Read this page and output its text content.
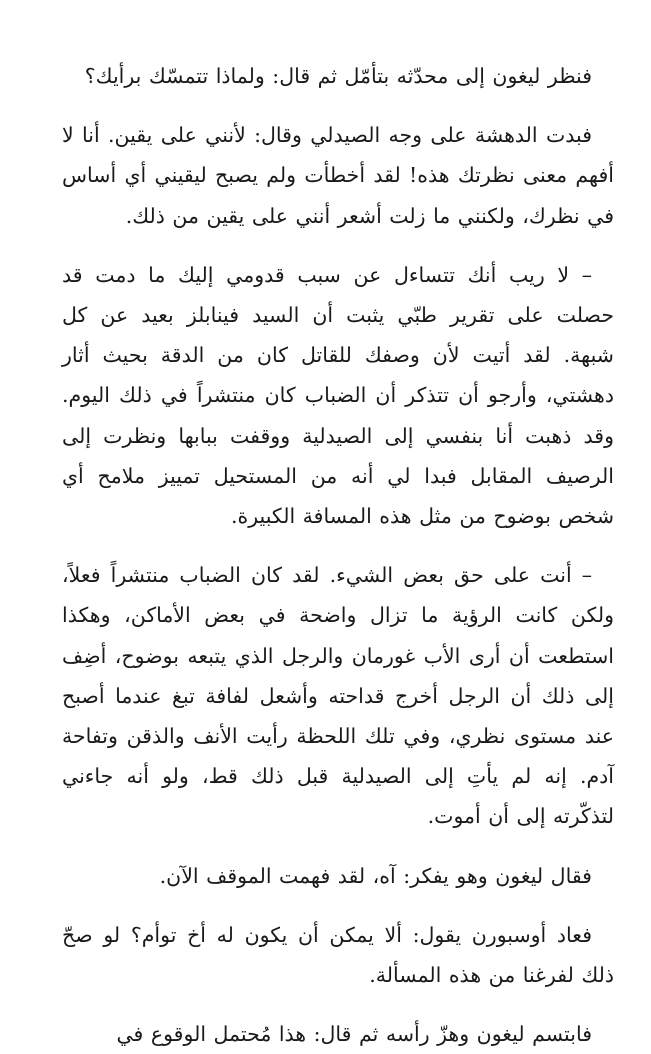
فنظر ليغون إلى محدّثه بتأمّل ثم قال: ولماذا تتمسّك برأيك؟

فبدت الدهشة على وجه الصيدلي وقال: لأنني على يقين. أنا لا أفهم معنى نظرتك هذه! لقد أخطأت ولم يصبح ليقيني أي أساس في نظرك، ولكنني ما زلت أشعر أنني على يقين من ذلك.

– لا ريب أنك تتساءل عن سبب قدومي إليك ما دمت قد حصلت على تقرير طبّي يثبت أن السيد فينابلز بعيد عن كل شبهة. لقد أتيت لأن وصفك للقاتل كان من الدقة بحيث أثار دهشتي، وأرجو أن تتذكر أن الضباب كان منتشراً في ذلك اليوم. وقد ذهبت أنا بنفسي إلى الصيدلية ووقفت ببابها ونظرت إلى الرصيف المقابل فبدا لي أنه من المستحيل تمييز ملامح أي شخص بوضوح من مثل هذه المسافة الكبيرة.

– أنت على حق بعض الشيء. لقد كان الضباب منتشراً فعلاً، ولكن كانت الرؤية ما تزال واضحة في بعض الأماكن، وهكذا استطعت أن أرى الأب غورمان والرجل الذي يتبعه بوضوح، أضِف إلى ذلك أن الرجل أخرج قداحته وأشعل لفافة تبغ عندما أصبح عند مستوى نظري، وفي تلك اللحظة رأيت الأنف والذقن وتفاحة آدم. إنه لم يأتِ إلى الصيدلية قبل ذلك قط، ولو أنه جاءني لتذكّرته إلى أن أموت.

فقال ليغون وهو يفكر: آه، لقد فهمت الموقف الآن.

فعاد أوسبورن يقول: ألا يمكن أن يكون له أخ توأم؟ لو صحّ ذلك لفرغنا من هذه المسألة.

فابتسم ليغون وهزّ رأسه ثم قال: هذا مُحتمل الوقوع في
